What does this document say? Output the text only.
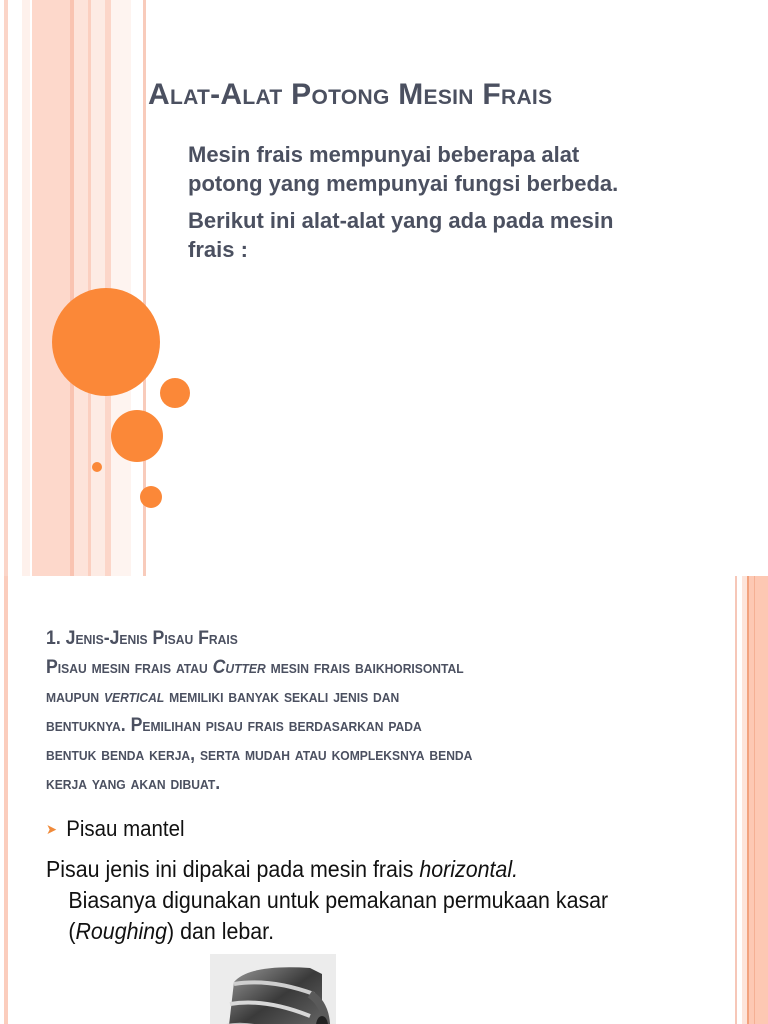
Alat-Alat Potong Mesin Frais

Mesin frais mempunyai beberapa alat potong yang mempunyai fungsi berbeda.

Berikut ini alat-alat yang ada pada mesin frais :

1. Jenis-Jenis Pisau Frais
Pisau mesin frais atau Cutter mesin frais baikhorisontal
maupun vertical memiliki banyak sekali jenis dan
bentuknya. Pemilihan pisau frais berdasarkan pada
bentuk benda kerja, serta mudah atau kompleksnya benda
kerja yang akan dibuat.
➤ Pisau mantel
Pisau jenis ini dipakai pada mesin frais horizontal.
Biasanya digunakan untuk pemakanan permukaan kasar
(Roughing) dan lebar.
